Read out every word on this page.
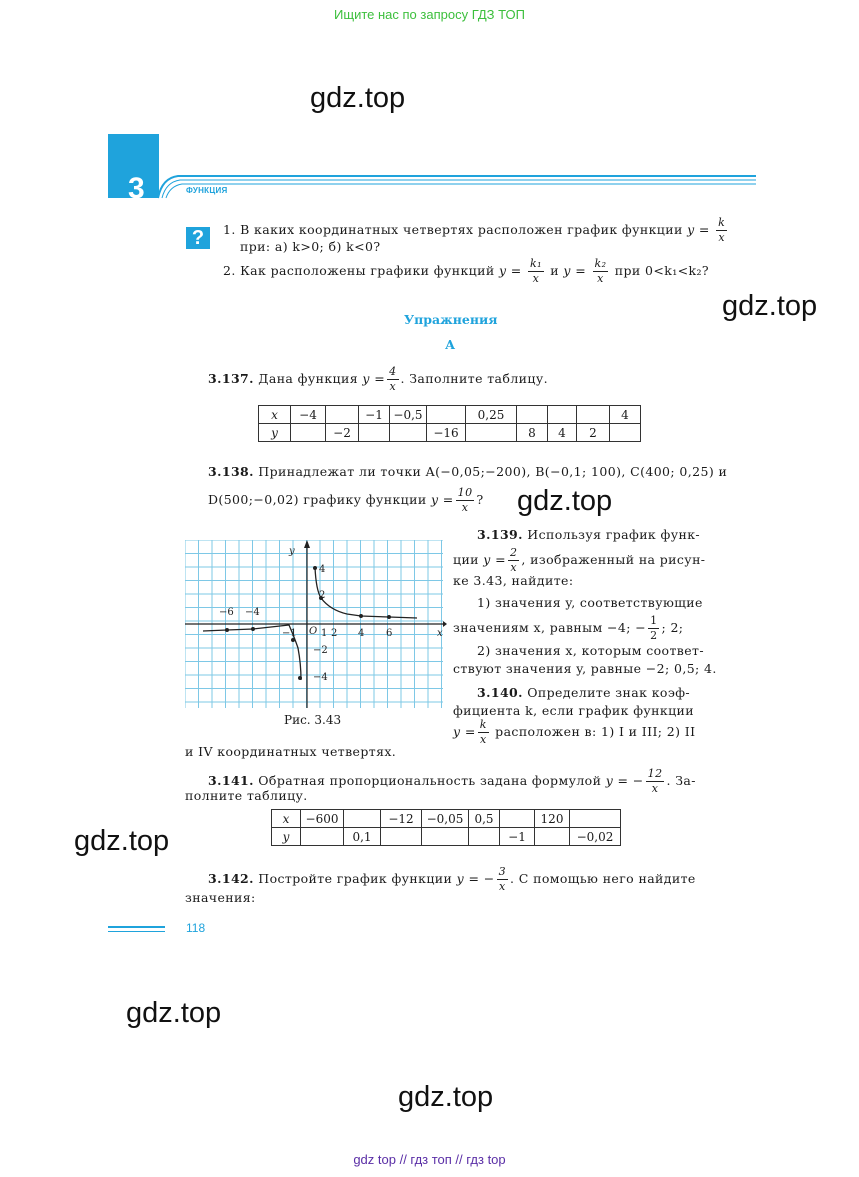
Ищите нас по запросу ГДЗ ТОП
gdz.top
gdz.top
gdz.top
gdz.top
gdz.top
gdz.top
3	ФУНКЦИЯ
?	1. В каких координатных четвертях расположен график функции $y = \frac{k}{x}$
при: а) k>0; б) k<0?
2. Как расположены графики функций $y = \frac{\text{k₁}}{x}$ и $y = \frac{\text{k₂}}{x}$ при 0<k₁<k₂?
Упражнения
А
3.137. Дана функция $y = \frac{4}{x}$ . Заполните таблицу.
x	−4		−1	−0,5		0,25				4
y		−2			−16		8	4	2	
3.138. Принадлежат ли точки A(−0,05;−200), B(−0,1; 100), C(400; 0,25) и
D(500;−0,02) графику функции $y = \frac{10}{x}$ ?
x
y
O
−6 −4
−1 1 2 4 6
4
2
−2
−4
Рис. 3.43
3.139. Используя график функ-
ции $y = \frac{2}{x}$ , изображенный на рисун-
ке 3.43, найдите:
1) значения y, соответствующие
значениям x, равным −4; − $\frac{1}{2}$ ; 2;
2) значения x, которым соответ-
ствуют значения y, равные −2; 0,5; 4.
3.140. Определите знак коэф-
фициента k, если график функции
$y = \frac{k}{x}$ расположен в: 1) I и III; 2) II
и IV координатных четвертях.
3.141. Обратная пропорциональность задана формулой y = − $\frac{12}{x}$ . За-
полните таблицу.
x	−600		−12	−0,05	0,5		120	
y		0,1				−1		−0,02
3.142. Постройте график функции y = − $\frac{3}{x}$ . С помощью него найдите
значения:
118
gdz top // гдз топ // гдз top
